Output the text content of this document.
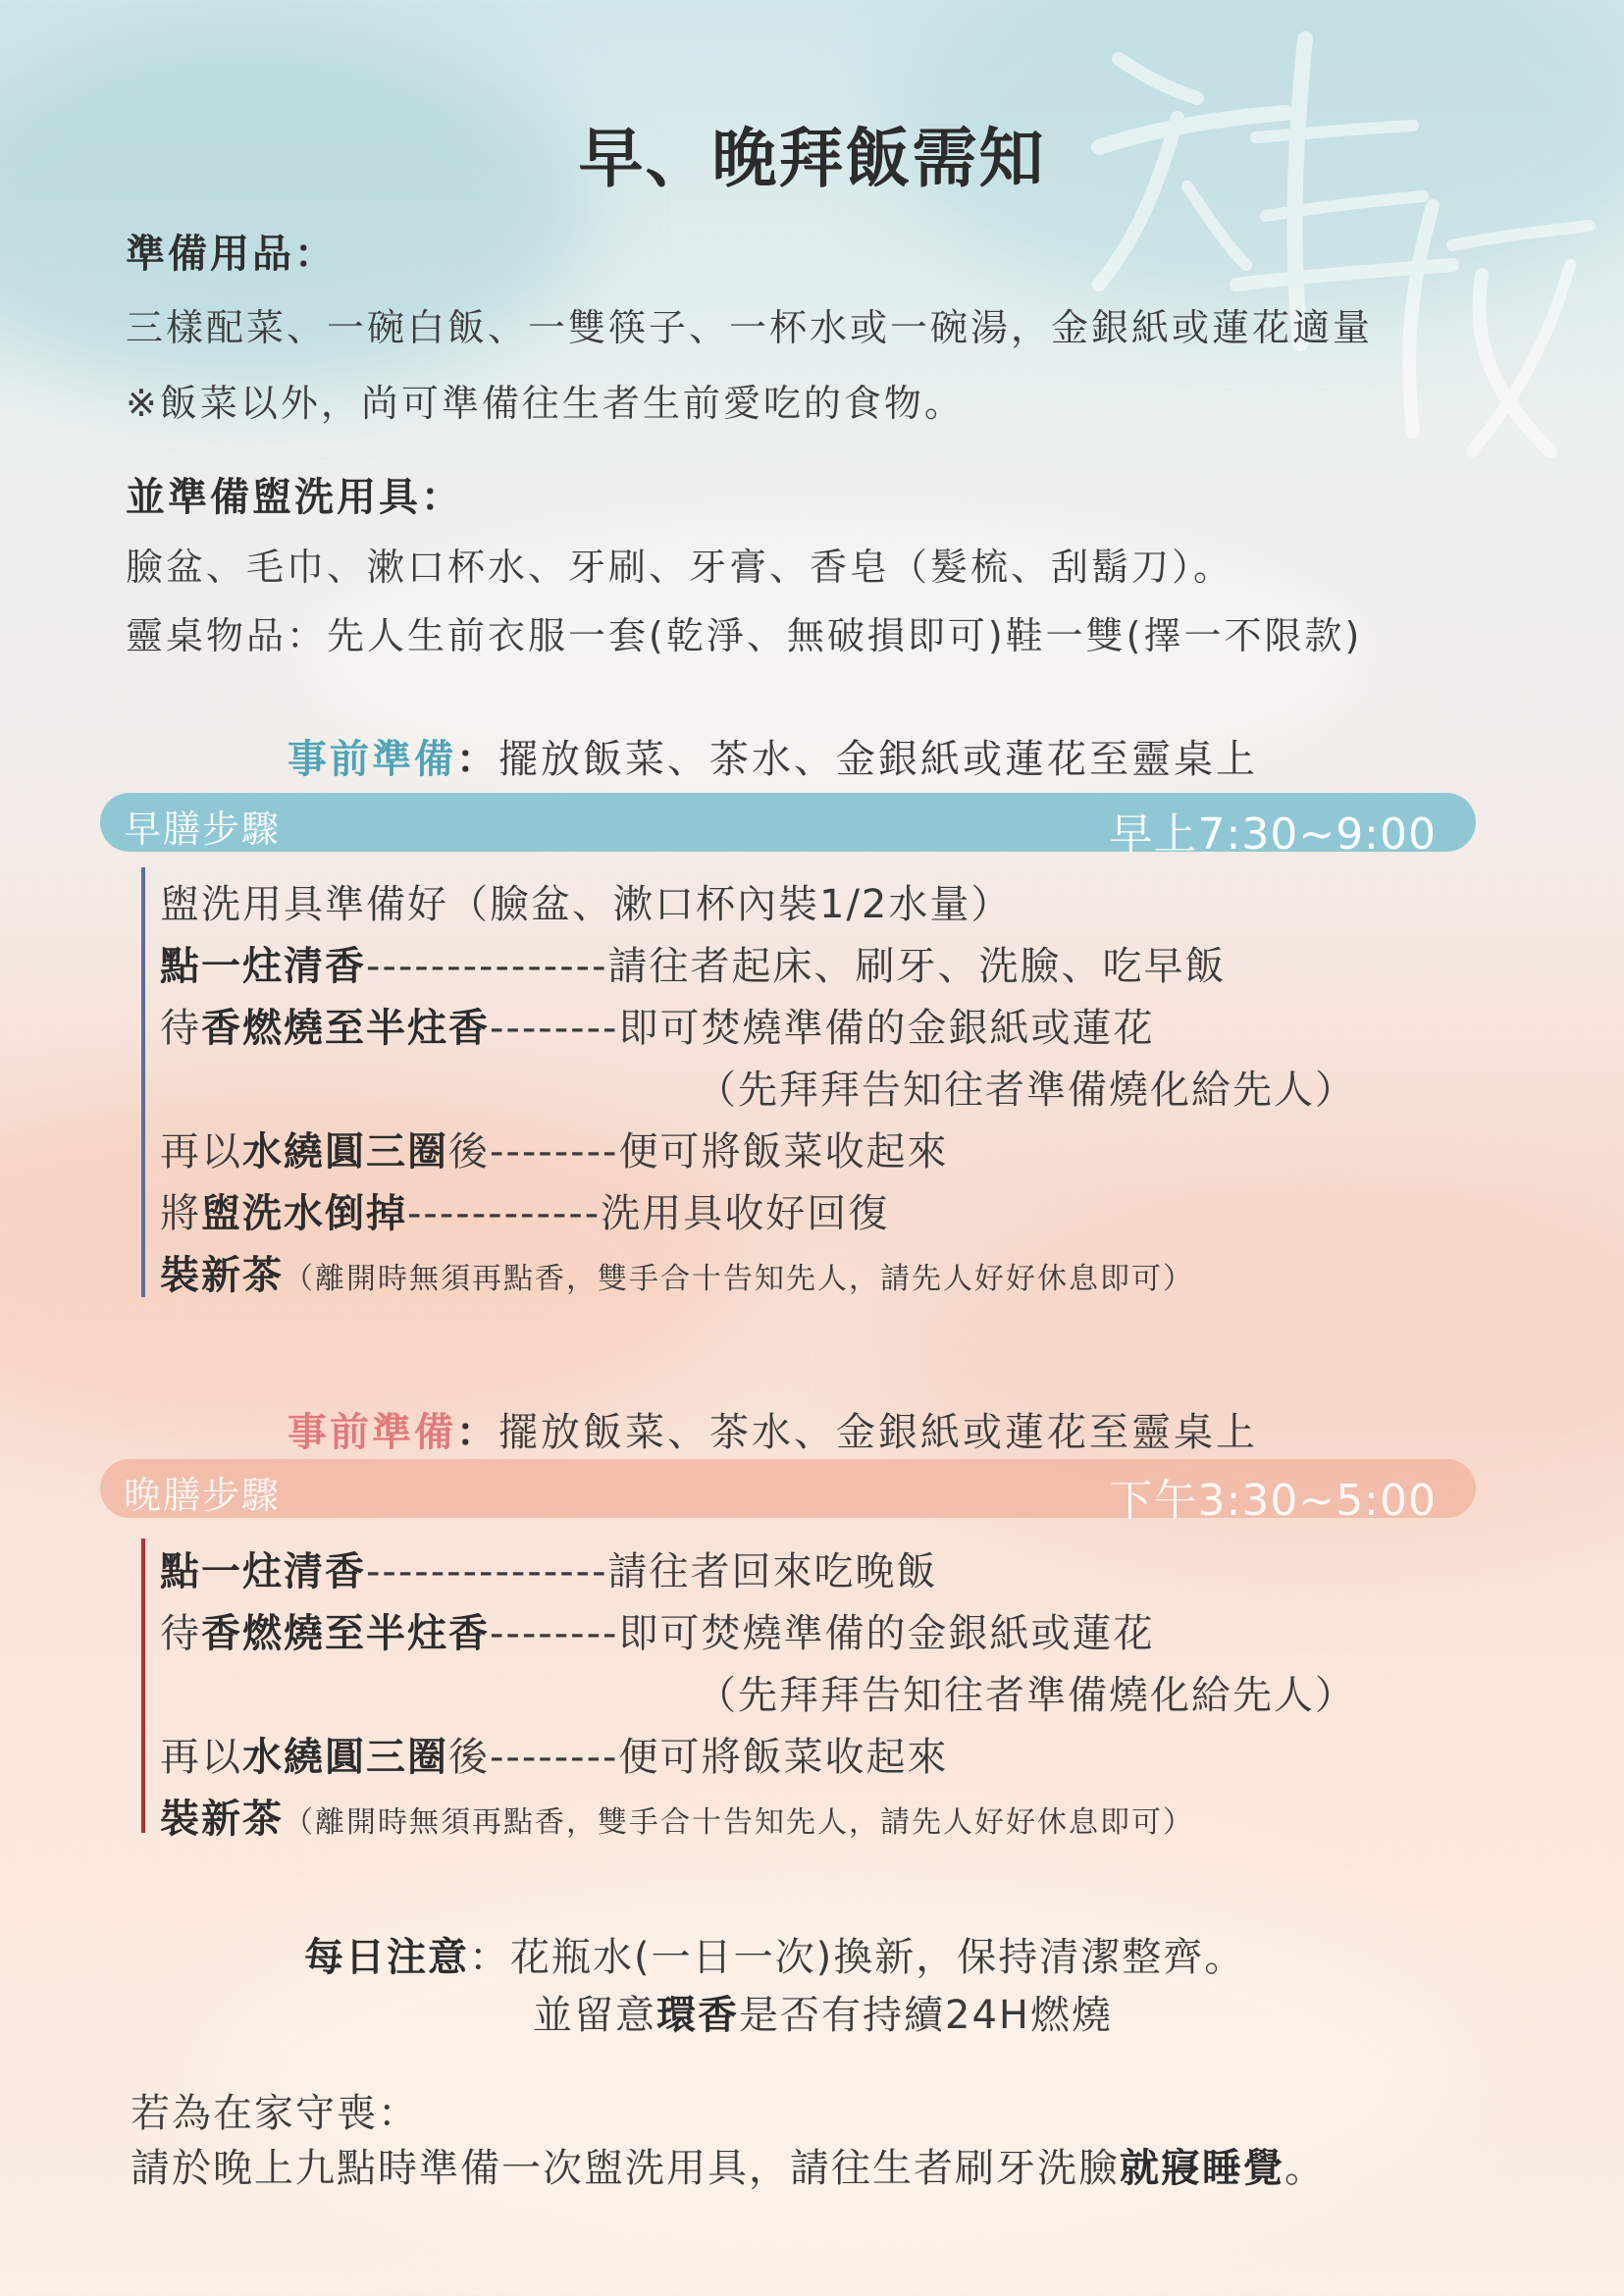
早、晚拜飯需知
準備用品：
三樣配菜、一碗白飯、一雙筷子、一杯水或一碗湯，金銀紙或蓮花適量
※飯菜以外，尚可準備往生者生前愛吃的食物。
並準備盥洗用具：
臉盆、毛巾、漱口杯水、牙刷、牙膏、香皂（髮梳、刮鬍刀）。
靈桌物品：先人生前衣服一套(乾淨、無破損即可)鞋一雙(擇一不限款)
事前準備：擺放飯菜、茶水、金銀紙或蓮花至靈桌上
早膳步驟	早上7:30~9:00
盥洗用具準備好（臉盆、漱口杯內裝1/2水量）
點一炷清香---------------請往者起床、刷牙、洗臉、吃早飯
待香燃燒至半炷香--------即可焚燒準備的金銀紙或蓮花
（先拜拜告知往者準備燒化給先人）
再以水繞圓三圈後--------便可將飯菜收起來
將盥洗水倒掉------------洗用具收好回復
裝新茶（離開時無須再點香，雙手合十告知先人，請先人好好休息即可）
事前準備：擺放飯菜、茶水、金銀紙或蓮花至靈桌上
晚膳步驟	下午3:30~5:00
點一炷清香---------------請往者回來吃晚飯
待香燃燒至半炷香--------即可焚燒準備的金銀紙或蓮花
（先拜拜告知往者準備燒化給先人）
再以水繞圓三圈後--------便可將飯菜收起來
裝新茶（離開時無須再點香，雙手合十告知先人，請先人好好休息即可）
每日注意：花瓶水(一日一次)換新，保持清潔整齊。
並留意環香是否有持續24H燃燒
若為在家守喪：
請於晚上九點時準備一次盥洗用具，請往生者刷牙洗臉就寢睡覺。
